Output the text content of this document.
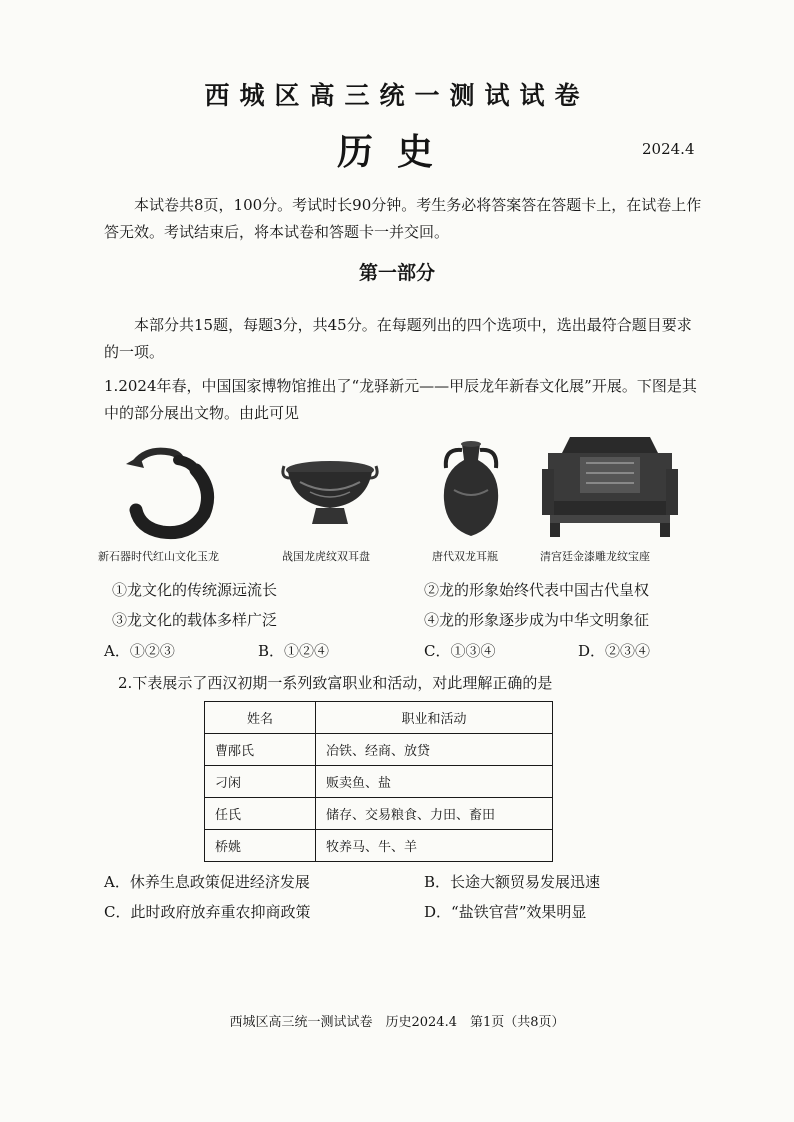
西城区高三统一测试试卷
历史	2024.4
本试卷共8页，100分。考试时长90分钟。考生务必将答案答在答题卡上，在试卷上作答无效。考试结束后，将本试卷和答题卡一并交回。
第一部分
本部分共15题，每题3分，共45分。在每题列出的四个选项中，选出最符合题目要求的一项。
1.2024年春，中国国家博物馆推出了“龙驿新元——甲辰龙年新春文化展”开展。下图是其中的部分展出文物。由此可见
新石器时代红山文化玉龙	战国龙虎纹双耳盘	唐代双龙耳瓶	清宫廷金漆雕龙纹宝座
①龙文化的传统源远流长	②龙的形象始终代表中国古代皇权
③龙文化的载体多样广泛	④龙的形象逐步成为中华文明象征
A．①②③	B．①②④	C．①③④	D．②③④
2.下表展示了西汉初期一系列致富职业和活动，对此理解正确的是
姓名	职业和活动
曹邴氏	冶铁、经商、放贷
刁闲	贩卖鱼、盐
任氏	储存、交易粮食、力田、畜田
桥姚	牧养马、牛、羊
A．休养生息政策促进经济发展	B．长途大额贸易发展迅速
C．此时政府放弃重农抑商政策	D．“盐铁官营”效果明显
西城区高三统一测试试卷　历史2024.4　第1页（共8页）
